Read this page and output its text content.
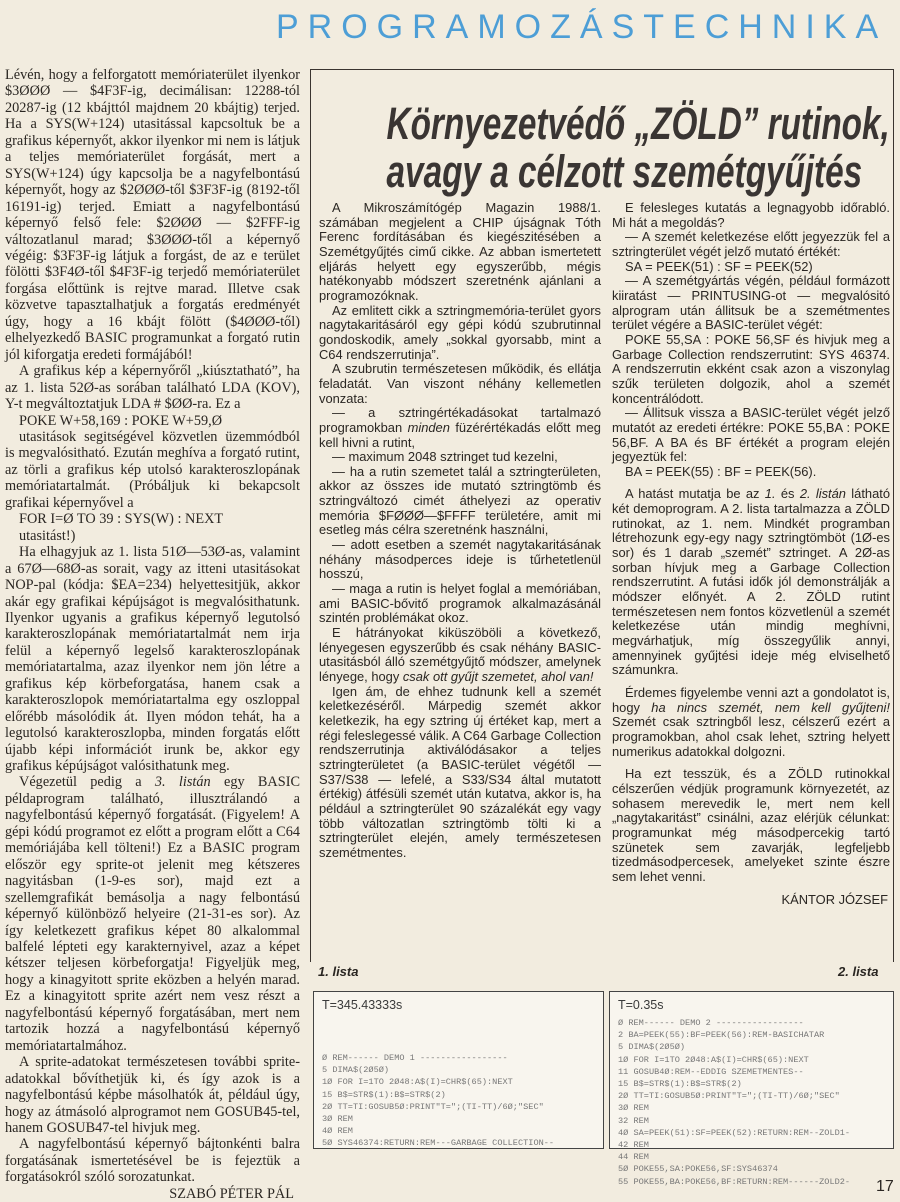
PROGRAMOZÁSTECHNIKA

Lévén, hogy a felforgatott memóriaterület ilyenkor $3ØØØ — $4F3F-ig, decimálisan: 12288-tól 20287-ig (12 kbájttól majdnem 20 kbájtig) terjed. Ha a SYS(W+124) utasitással kapcsoltuk be a grafikus képernyőt, akkor ilyenkor mi nem is látjuk a teljes memóriaterület forgását, mert a SYS(W+124) úgy kapcsolja be a nagyfelbontású képernyőt, hogy az $2ØØØ-től $3F3F-ig (8192-től 16191-ig) terjed. Emiatt a nagyfelbontású képernyő felső fele: $2ØØØ — $2FFF-ig változatlanul marad; $3ØØØ-től a képernyő végéig: $3F3F-ig látjuk a forgást, de az e terület fölötti $3F4Ø-től $4F3F-ig terjedő memóriaterület forgása előttünk is rejtve marad. Illetve csak közvetve tapasztalhatjuk a forgatás eredményét úgy, hogy a 16 kbájt fölött ($4ØØØ-től) elhelyezkedő BASIC programunkat a forgató rutin jól kiforgatja eredeti formájából!

A grafikus kép a képernyőről „kiúsztatható”, ha az 1. lista 52Ø-as sorában található LDA (KOV), Y-t megváltoztatjuk LDA # $ØØ-ra. Ez a

POKE W+58,169 : POKE W+59,Ø

utasitások segitségével közvetlen üzemmódból is megvalósitható. Ezután meghíva a forgató rutint, az törli a grafikus kép utolsó karakteroszlopának memóriatartalmát. (Próbáljuk ki bekapcsolt grafikai képernyővel a

FOR I=Ø TO 39 : SYS(W) : NEXT

utasitást!)

Ha elhagyjuk az 1. lista 51Ø—53Ø-as, valamint a 67Ø—68Ø-as sorait, vagy az itteni utasitásokat NOP-pal (kódja: $EA=234) helyettesitjük, akkor akár egy grafikai képújságot is megvalósithatunk. Ilyenkor ugyanis a grafikus képernyő legutolsó karakteroszlopának memóriatartalmát nem irja felül a képernyő legelső karakteroszlopának memóriatartalma, azaz ilyenkor nem jön létre a grafikus kép körbeforgatása, hanem csak a karakteroszlopok memóriatartalma egy oszloppal előrébb másolódik át. Ilyen módon tehát, ha a legutolsó karakteroszlopba, minden forgatás előtt újabb képi információt irunk be, akkor egy grafikus képújságot valósithatunk meg.

Végezetül pedig a 3. listán egy BASIC példaprogram található, illusztrálandó a nagyfelbontású képernyő forgatását. (Figyelem! A gépi kódú programot ez előtt a program előtt a C64 memóriájába kell tölteni!) Ez a BASIC program először egy sprite-ot jelenit meg kétszeres nagyitásban (1-9-es sor), majd ezt a szellemgrafikát bemásolja a nagy felbontású képernyő különböző helyeire (21-31-es sor). Az így keletkezett grafikus képet 80 alkalommal balfelé lépteti egy karakternyivel, azaz a képet kétszer teljesen körbeforgatja! Figyeljük meg, hogy a kinagyitott sprite eközben a helyén marad. Ez a kinagyitott sprite azért nem vesz részt a nagyfelbontású képernyő forgatásában, mert nem tartozik hozzá a nagyfelbontású képernyő memóriatartalmához.

A sprite-adatokat természetesen további sprite-adatokkal bővíthetjük ki, és így azok is a nagyfelbontású képbe másolhatók át, például úgy, hogy az átmásoló alprogramot nem GOSUB45-tel, hanem GOSUB47-tel hivjuk meg.

A nagyfelbontású képernyő bájtonkénti balra forgatásának ismertetésével be is fejeztük a forgatásokról szóló sorozatunkat.

SZABÓ PÉTER PÁL

Környezetvédő „ZÖLD” rutinok,
avagy a célzott szemétgyűjtés

A Mikroszámítógép Magazin 1988/1. számában megjelent a CHIP újságnak Tóth Ferenc fordításában és kiegészitésében a Szemétgyűjtés cimű cikke. Az abban ismertetett eljárás helyett egy egyszerűbb, mégis hatékonyabb módszert szeretnénk ajánlani a programozóknak.

Az emlitett cikk a sztringmemória-terület gyors nagytakaritásáról egy gépi kódú szubrutinnal gondoskodik, amely „sokkal gyorsabb, mint a C64 rendszerrutinja”.

A szubrutin természetesen működik, és ellátja feladatát. Van viszont néhány kellemetlen vonzata:

— a sztringértékadásokat tartalmazó programokban minden füzérértékadás előtt meg kell hivni a rutint,

— maximum 2048 sztringet tud kezelni,

— ha a rutin szemetet talál a sztringterületen, akkor az összes ide mutató sztringtömb és sztringváltozó cimét áthelyezi az operativ memória $FØØØ—$FFFF területére, amit mi esetleg más célra szeretnénk használni,

— adott esetben a szemét nagytakaritásának néhány másodperces ideje is tűrhetetlenül hosszú,

— maga a rutin is helyet foglal a memóriában, ami BASIC-bővitő programok alkalmazásánál szintén problémákat okoz.

E hátrányokat kiküszöböli a következő, lényegesen egyszerűbb és csak néhány BASIC-utasitásból álló szemétgyűjtő módszer, amelynek lényege, hogy csak ott gyűjt szemetet, ahol van!

Igen ám, de ehhez tudnunk kell a szemét keletkezéséről. Márpedig szemét akkor keletkezik, ha egy sztring új értéket kap, mert a régi feleslegessé válik. A C64 Garbage Collection rendszerrutinja aktiválódásakor a teljes sztringterületet (a BASIC-terület végétől — S37/S38 — lefelé, a S33/S34 által mutatott értékig) átfésüli szemét után kutatva, akkor is, ha például a sztringterület 90 százalékát egy vagy több változatlan sztringtömb tölti ki a sztringterület elején, amely természetesen szemétmentes.

E felesleges kutatás a legnagyobb időrabló. Mi hát a megoldás?

— A szemét keletkezése előtt jegyezzük fel a sztringterület végét jelző mutató értékét:

SA = PEEK(51) : SF = PEEK(52)

— A szemétgyártás végén, például formázott kiiratást — PRINTUSING-ot — megvalósitó alprogram után állitsuk be a szemétmentes terület végére a BASIC-terület végét:

POKE 55,SA : POKE 56,SF és hivjuk meg a Garbage Collection rendszerrutint: SYS 46374. A rendszerrutin ekként csak azon a viszonylag szűk területen dolgozik, ahol a szemét koncentrálódott.

— Állitsuk vissza a BASIC-terület végét jelző mutatót az eredeti értékre: POKE 55,BA : POKE 56,BF. A BA és BF értékét a program elején jegyeztük fel:

BA = PEEK(55) : BF = PEEK(56).

A hatást mutatja be az 1. és 2. listán látható két demoprogram. A 2. lista tartalmazza a ZÖLD rutinokat, az 1. nem. Mindkét programban létrehozunk egy-egy nagy sztringtömböt (1Ø-es sor) és 1 darab „szemét” sztringet. A 2Ø-as sorban hívjuk meg a Garbage Collection rendszerrutint. A futási idők jól demonstrálják a módszer előnyét. A 2. ZÖLD rutint természetesen nem fontos közvetlenül a szemét keletkezése után mindig meghívni, megvárhatjuk, míg összegyűlik annyi, amennyinek gyűjtési ideje még elviselhető számunkra.

Érdemes figyelembe venni azt a gondolatot is, hogy ha nincs szemét, nem kell gyűjteni! Szemét csak sztringből lesz, célszerű ezért a programokban, ahol csak lehet, sztring helyett numerikus adatokkal dolgozni.

Ha ezt tesszük, és a ZÖLD rutinokkal célszerűen védjük programunk környezetét, az sohasem merevedik le, mert nem kell „nagytakaritást” csinálni, azaz elérjük célunkat: programunkat még másodpercekig tartó szünetek sem zavarják, legfeljebb tizedmásodpercesek, amelyeket szinte észre sem lehet venni.

KÁNTOR JÓZSEF

1. lista	2. lista
T=345.43333s
Ø REM------ DEMO 1 -----------------
5 DIMA$(2Ø5Ø)
1Ø FOR I=1TO 2Ø48:A$(I)=CHR$(65):NEXT
15 B$=STR$(1):B$=STR$(2)
2Ø TT=TI:GOSUB5Ø:PRINT"T=";(TI-TT)/6Ø;"SEC"
3Ø REM
4Ø REM
5Ø SYS46374:RETURN:REM---GARBAGE COLLECTION--
T=0.35s
Ø REM------ DEMO 2 -----------------
2 BA=PEEK(55):BF=PEEK(56):REM-BASICHATAR
5 DIMA$(2Ø5Ø)
1Ø FOR I=1TO 2Ø48:A$(I)=CHR$(65):NEXT
11 GOSUB4Ø:REM--EDDIG SZEMETMENTES--
15 B$=STR$(1):B$=STR$(2)
2Ø TT=TI:GOSUB5Ø:PRINT"T=";(TI-TT)/6Ø;"SEC"
3Ø REM
32 REM
4Ø SA=PEEK(51):SF=PEEK(52):RETURN:REM--ZOLD1-
42 REM
44 REM
5Ø POKE55,SA:POKE56,SF:SYS46374
55 POKE55,BA:POKE56,BF:RETURN:REM------ZOLD2-	17
